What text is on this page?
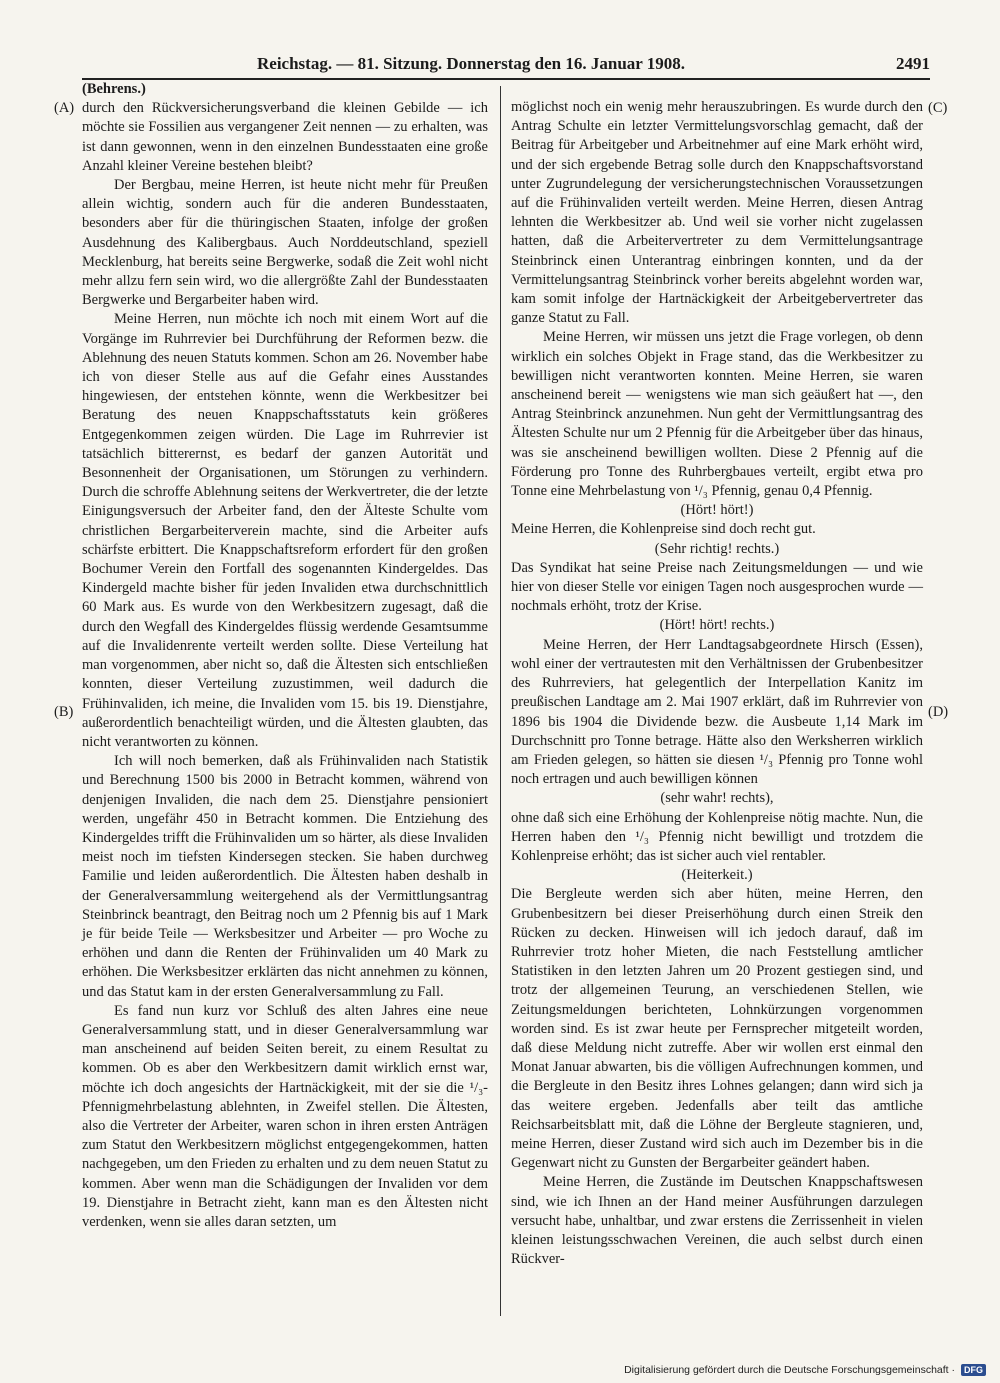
Reichstag. — 81. Sitzung. Donnerstag den 16. Januar 1908.	2491
(A)
(B)
(C)
(D)

(Behrens.)

durch den Rückversicherungsverband die kleinen Gebilde — ich möchte sie Fossilien aus vergangener Zeit nennen — zu erhalten, was ist dann gewonnen, wenn in den einzelnen Bundesstaaten eine große Anzahl kleiner Vereine bestehen bleibt?

Der Bergbau, meine Herren, ist heute nicht mehr für Preußen allein wichtig, sondern auch für die anderen Bundesstaaten, besonders aber für die thüringischen Staaten, infolge der großen Ausdehnung des Kalibergbaus. Auch Norddeutschland, speziell Mecklenburg, hat bereits seine Bergwerke, sodaß die Zeit wohl nicht mehr allzu fern sein wird, wo die allergrößte Zahl der Bundesstaaten Bergwerke und Bergarbeiter haben wird.

Meine Herren, nun möchte ich noch mit einem Wort auf die Vorgänge im Ruhrrevier bei Durchführung der Reformen bezw. die Ablehnung des neuen Statuts kommen. Schon am 26. November habe ich von dieser Stelle aus auf die Gefahr eines Ausstandes hingewiesen, der entstehen könnte, wenn die Werkbesitzer bei Beratung des neuen Knappschaftsstatuts kein größeres Entgegenkommen zeigen würden. Die Lage im Ruhrrevier ist tatsächlich bitterernst, es bedarf der ganzen Autorität und Besonnenheit der Organisationen, um Störungen zu verhindern. Durch die schroffe Ablehnung seitens der Werkvertreter, die der letzte Einigungsversuch der Arbeiter fand, den der Älteste Schulte vom christlichen Bergarbeiterverein machte, sind die Arbeiter aufs schärfste erbittert. Die Knappschaftsreform erfordert für den großen Bochumer Verein den Fortfall des sogenannten Kindergeldes. Das Kindergeld machte bisher für jeden Invaliden etwa durchschnittlich 60 Mark aus. Es wurde von den Werkbesitzern zugesagt, daß die durch den Wegfall des Kindergeldes flüssig werdende Gesamtsumme auf die Invalidenrente verteilt werden sollte. Diese Verteilung hat man vorgenommen, aber nicht so, daß die Ältesten sich entschließen konnten, dieser Verteilung zuzustimmen, weil dadurch die Frühinvaliden, ich meine, die Invaliden vom 15. bis 19. Dienstjahre, außerordentlich benachteiligt würden, und die Ältesten glaubten, das nicht verantworten zu können.

Ich will noch bemerken, daß als Frühinvaliden nach Statistik und Berechnung 1500 bis 2000 in Betracht kommen, während von denjenigen Invaliden, die nach dem 25. Dienstjahre pensioniert werden, ungefähr 450 in Betracht kommen. Die Entziehung des Kindergeldes trifft die Frühinvaliden um so härter, als diese Invaliden meist noch im tiefsten Kindersegen stecken. Sie haben durchweg Familie und leiden außerordentlich. Die Ältesten haben deshalb in der Generalversammlung weitergehend als der Vermittlungsantrag Steinbrinck beantragt, den Beitrag noch um 2 Pfennig bis auf 1 Mark je für beide Teile — Werksbesitzer und Arbeiter — pro Woche zu erhöhen und dann die Renten der Frühinvaliden um 40 Mark zu erhöhen. Die Werksbesitzer erklärten das nicht annehmen zu können, und das Statut kam in der ersten Generalversammlung zu Fall.

Es fand nun kurz vor Schluß des alten Jahres eine neue Generalversammlung statt, und in dieser Generalversammlung war man anscheinend auf beiden Seiten bereit, zu einem Resultat zu kommen. Ob es aber den Werkbesitzern damit wirklich ernst war, möchte ich doch angesichts der Hartnäckigkeit, mit der sie die ¹/₃-Pfennigmehrbelastung ablehnten, in Zweifel stellen. Die Ältesten, also die Vertreter der Arbeiter, waren schon in ihren ersten Anträgen zum Statut den Werkbesitzern möglichst entgegengekommen, hatten nachgegeben, um den Frieden zu erhalten und zu dem neuen Statut zu kommen. Aber wenn man die Schädigungen der Invaliden vor dem 19. Dienstjahre in Betracht zieht, kann man es den Ältesten nicht verdenken, wenn sie alles daran setzten, um

möglichst noch ein wenig mehr herauszubringen. Es wurde durch den Antrag Schulte ein letzter Vermittelungsvorschlag gemacht, daß der Beitrag für Arbeitgeber und Arbeitnehmer auf eine Mark erhöht wird, und der sich ergebende Betrag solle durch den Knappschaftsvorstand unter Zugrundelegung der versicherungstechnischen Voraussetzungen auf die Frühinvaliden verteilt werden. Meine Herren, diesen Antrag lehnten die Werkbesitzer ab. Und weil sie vorher nicht zugelassen hatten, daß die Arbeitervertreter zu dem Vermittelungsantrage Steinbrinck einen Unterantrag einbringen konnten, und da der Vermittelungsantrag Steinbrinck vorher bereits abgelehnt worden war, kam somit infolge der Hartnäckigkeit der Arbeitgebervertreter das ganze Statut zu Fall.

Meine Herren, wir müssen uns jetzt die Frage vorlegen, ob denn wirklich ein solches Objekt in Frage stand, das die Werkbesitzer zu bewilligen nicht verantworten konnten. Meine Herren, sie waren anscheinend bereit — wenigstens wie man sich geäußert hat —, den Antrag Steinbrinck anzunehmen. Nun geht der Vermittlungsantrag des Ältesten Schulte nur um 2 Pfennig für die Arbeitgeber über das hinaus, was sie anscheinend bewilligen wollten. Diese 2 Pfennig auf die Förderung pro Tonne des Ruhrbergbaues verteilt, ergibt etwa pro Tonne eine Mehrbelastung von ¹/₃ Pfennig, genau 0,4 Pfennig.

(Hört! hört!)

Meine Herren, die Kohlenpreise sind doch recht gut.

(Sehr richtig! rechts.)

Das Syndikat hat seine Preise nach Zeitungsmeldungen — und wie hier von dieser Stelle vor einigen Tagen noch ausgesprochen wurde — nochmals erhöht, trotz der Krise.

(Hört! hört! rechts.)

Meine Herren, der Herr Landtagsabgeordnete Hirsch (Essen), wohl einer der vertrautesten mit den Verhältnissen der Grubenbesitzer des Ruhrreviers, hat gelegentlich der Interpellation Kanitz im preußischen Landtage am 2. Mai 1907 erklärt, daß im Ruhrrevier von 1896 bis 1904 die Dividende bezw. die Ausbeute 1,14 Mark im Durchschnitt pro Tonne betrage. Hätte also den Werksherren wirklich am Frieden gelegen, so hätten sie diesen ¹/₃ Pfennig pro Tonne wohl noch ertragen und auch bewilligen können

(sehr wahr! rechts),

ohne daß sich eine Erhöhung der Kohlenpreise nötig machte. Nun, die Herren haben den ¹/₃ Pfennig nicht bewilligt und trotzdem die Kohlenpreise erhöht; das ist sicher auch viel rentabler.

(Heiterkeit.)

Die Bergleute werden sich aber hüten, meine Herren, den Grubenbesitzern bei dieser Preiserhöhung durch einen Streik den Rücken zu decken. Hinweisen will ich jedoch darauf, daß im Ruhrrevier trotz hoher Mieten, die nach Feststellung amtlicher Statistiken in den letzten Jahren um 20 Prozent gestiegen sind, und trotz der allgemeinen Teurung, an verschiedenen Stellen, wie Zeitungsmeldungen berichteten, Lohnkürzungen vorgenommen worden sind. Es ist zwar heute per Fernsprecher mitgeteilt worden, daß diese Meldung nicht zutreffe. Aber wir wollen erst einmal den Monat Januar abwarten, bis die völligen Aufrechnungen kommen, und die Bergleute in den Besitz ihres Lohnes gelangen; dann wird sich ja das weitere ergeben. Jedenfalls aber teilt das amtliche Reichsarbeitsblatt mit, daß die Löhne der Bergleute stagnieren, und, meine Herren, dieser Zustand wird sich auch im Dezember bis in die Gegenwart nicht zu Gunsten der Bergarbeiter geändert haben.

Meine Herren, die Zustände im Deutschen Knappschaftswesen sind, wie ich Ihnen an der Hand meiner Ausführungen darzulegen versucht habe, unhaltbar, und zwar erstens die Zerrissenheit in vielen kleinen leistungsschwachen Vereinen, die auch selbst durch einen Rückver-

Digitalisierung gefördert durch die Deutsche Forschungsgemeinschaft ·	DFG
